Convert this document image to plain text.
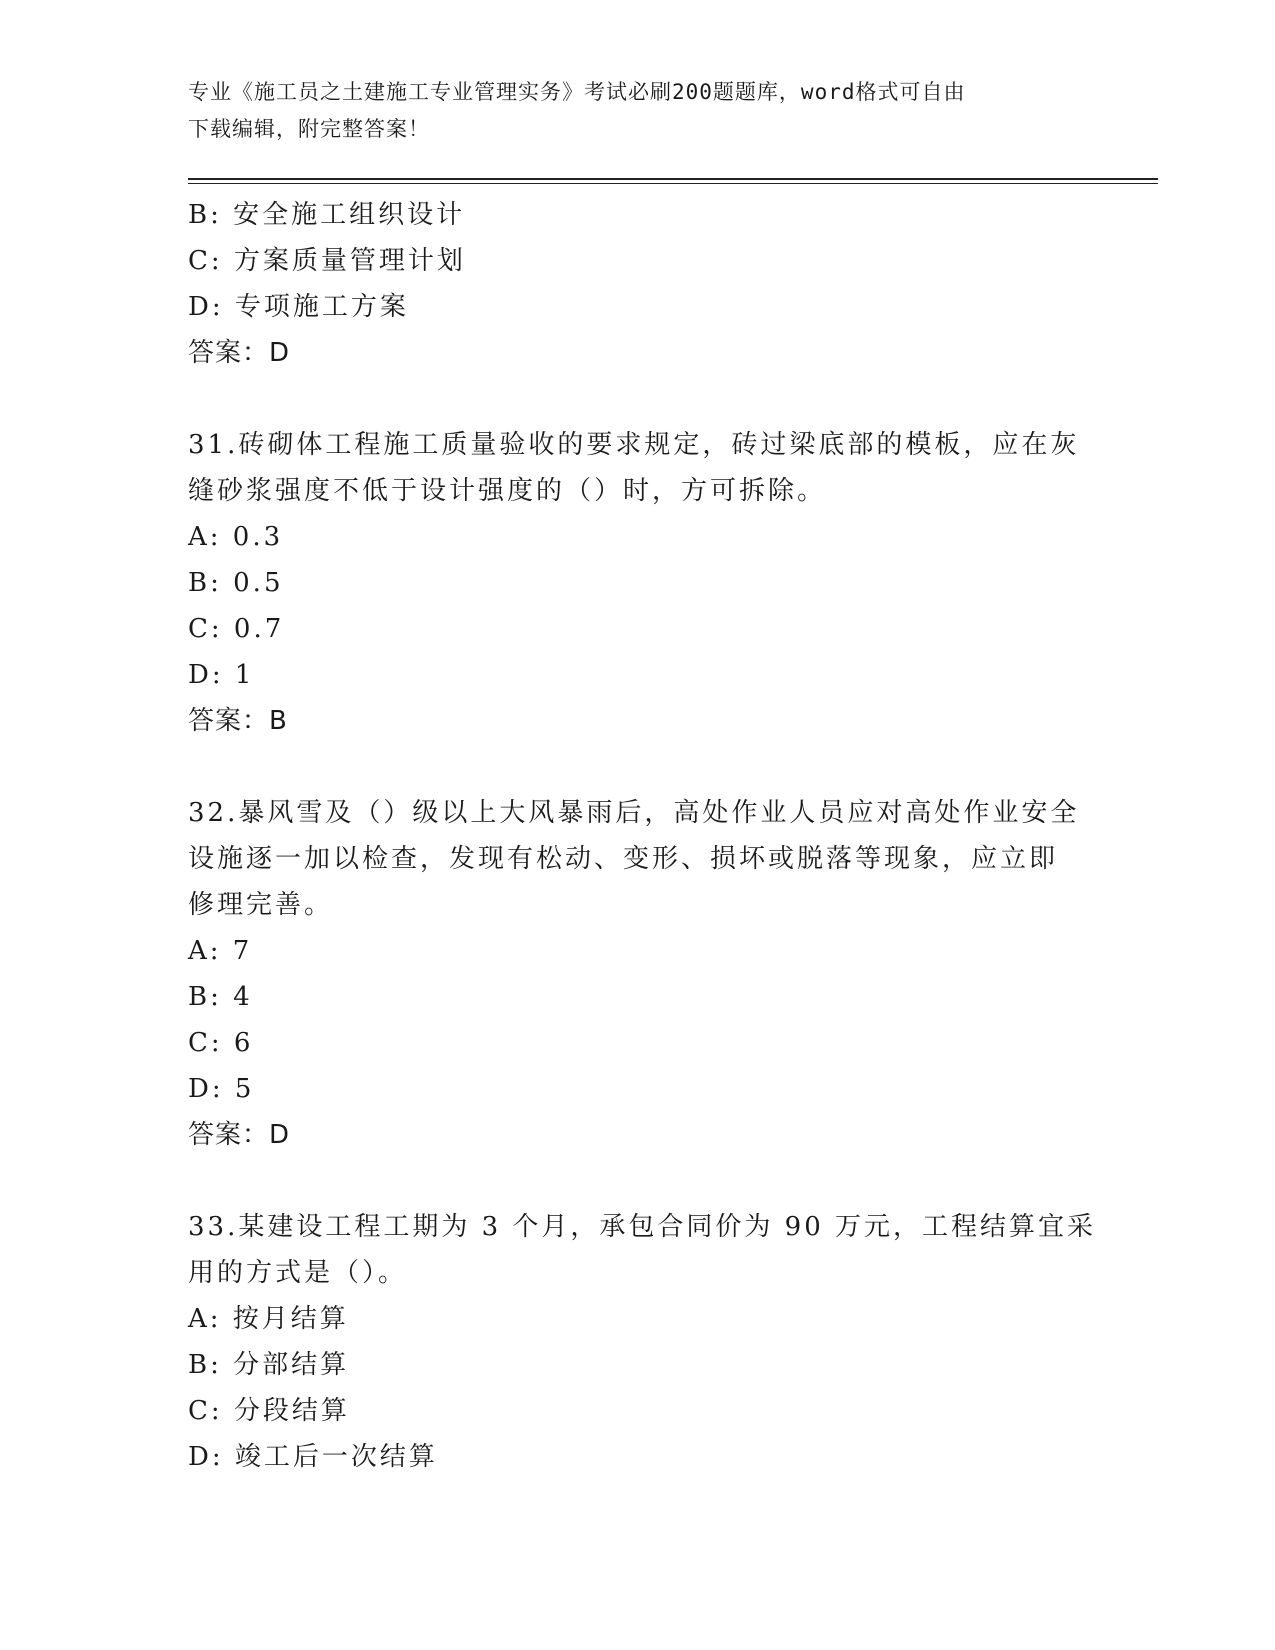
专业《施工员之土建施工专业管理实务》考试必刷200题题库，word格式可自由
下载编辑，附完整答案！
B: 安全施工组织设计
C: 方案质量管理计划
D: 专项施工方案
答案：D
31.砖砌体工程施工质量验收的要求规定，砖过梁底部的模板，应在灰
缝砂浆强度不低于设计强度的（）时，方可拆除。
A: 0.3
B: 0.5
C: 0.7
D: 1
答案：B
32.暴风雪及（）级以上大风暴雨后，高处作业人员应对高处作业安全
设施逐一加以检查，发现有松动、变形、损坏或脱落等现象，应立即
修理完善。
A: 7
B: 4
C: 6
D: 5
答案：D
33.某建设工程工期为 3 个月，承包合同价为 90 万元，工程结算宜采
用的方式是（）。
A: 按月结算
B: 分部结算
C: 分段结算
D: 竣工后一次结算
